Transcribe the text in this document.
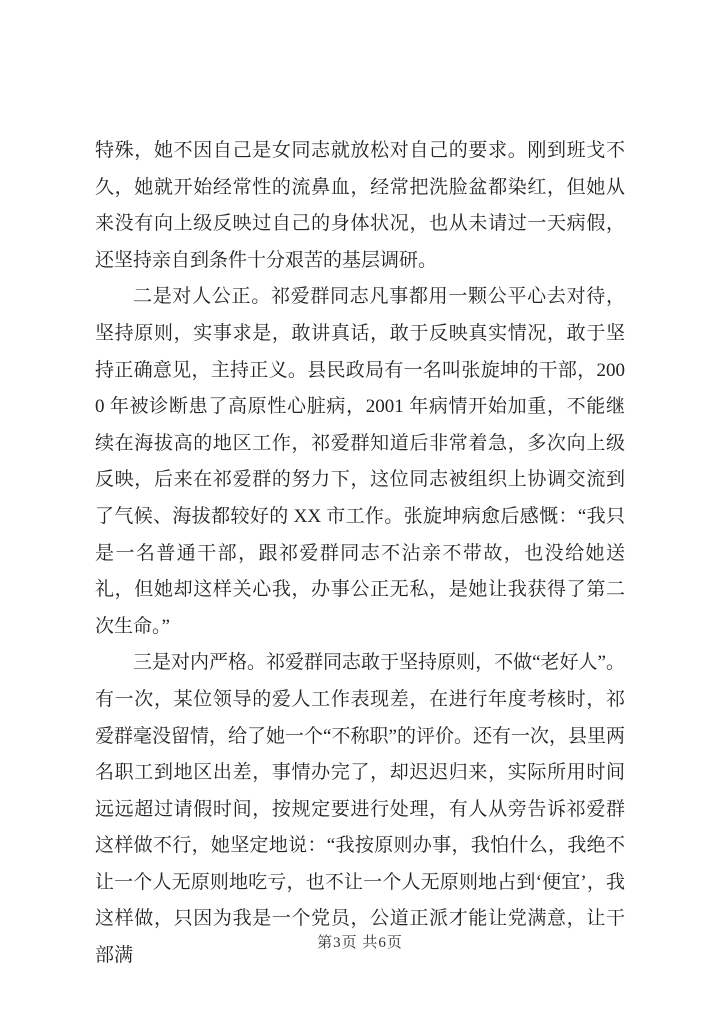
特殊，她不因自己是女同志就放松对自己的要求。刚到班戈不久，她就开始经常性的流鼻血，经常把洗脸盆都染红，但她从来没有向上级反映过自己的身体状况，也从未请过一天病假，还坚持亲自到条件十分艰苦的基层调研。

二是对人公正。祁爱群同志凡事都用一颗公平心去对待，坚持原则，实事求是，敢讲真话，敢于反映真实情况，敢于坚持正确意见，主持正义。县民政局有一名叫张旋坤的干部，2000 年被诊断患了高原性心脏病，2001 年病情开始加重，不能继续在海拔高的地区工作，祁爱群知道后非常着急，多次向上级反映，后来在祁爱群的努力下，这位同志被组织上协调交流到了气候、海拔都较好的 XX 市工作。张旋坤病愈后感慨：“我只是一名普通干部，跟祁爱群同志不沾亲不带故，也没给她送礼，但她却这样关心我，办事公正无私，是她让我获得了第二次生命。”

三是对内严格。祁爱群同志敢于坚持原则，不做“老好人”。有一次，某位领导的爱人工作表现差，在进行年度考核时，祁爱群毫没留情，给了她一个“不称职”的评价。还有一次，县里两名职工到地区出差，事情办完了，却迟迟归来，实际所用时间远远超过请假时间，按规定要进行处理，有人从旁告诉祁爱群这样做不行，她坚定地说：“我按原则办事，我怕什么，我绝不让一个人无原则地吃亏，也不让一个人无原则地占到‘便宜’，我这样做，只因为我是一个党员，公道正派才能让党满意，让干部满

第3页 共6页
